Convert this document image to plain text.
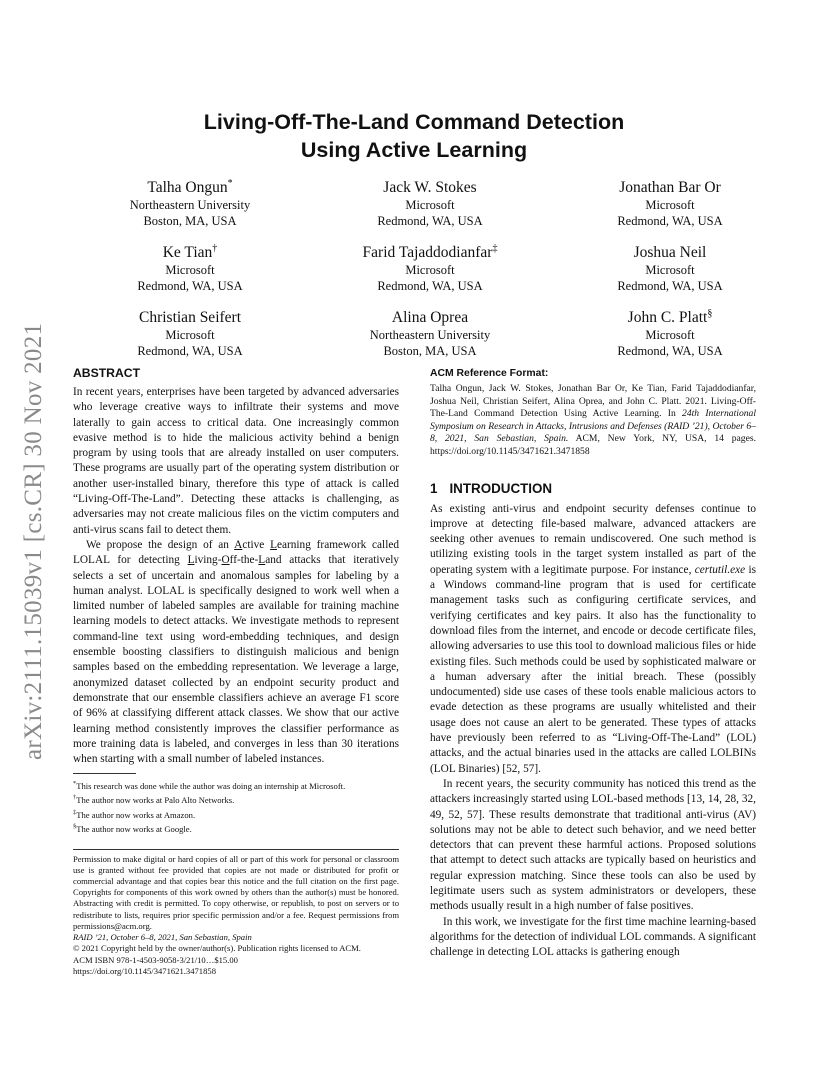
arXiv:2111.15039v1 [cs.CR] 30 Nov 2021
Living-Off-The-Land Command Detection
Using Active Learning
Talha Ongun*
Northeastern University
Boston, MA, USA
Jack W. Stokes
Microsoft
Redmond, WA, USA
Jonathan Bar Or
Microsoft
Redmond, WA, USA
Ke Tian†
Microsoft
Redmond, WA, USA
Farid Tajaddodianfar‡
Microsoft
Redmond, WA, USA
Joshua Neil
Microsoft
Redmond, WA, USA
Christian Seifert
Microsoft
Redmond, WA, USA
Alina Oprea
Northeastern University
Boston, MA, USA
John C. Platt§
Microsoft
Redmond, WA, USA
ABSTRACT

In recent years, enterprises have been targeted by advanced adversaries who leverage creative ways to infiltrate their systems and move laterally to gain access to critical data. One increasingly common evasive method is to hide the malicious activity behind a benign program by using tools that are already installed on user computers. These programs are usually part of the operating system distribution or another user-installed binary, therefore this type of attack is called “Living-Off-The-Land”. Detecting these attacks is challenging, as adversaries may not create malicious files on the victim computers and anti-virus scans fail to detect them.

We propose the design of an Active Learning framework called LOLAL for detecting Living-Off-the-Land attacks that iteratively selects a set of uncertain and anomalous samples for labeling by a human analyst. LOLAL is specifically designed to work well when a limited number of labeled samples are available for training machine learning models to detect attacks. We investigate methods to represent command-line text using word-embedding techniques, and design ensemble boosting classifiers to distinguish malicious and benign samples based on the embedding representation. We leverage a large, anonymized dataset collected by an endpoint security product and demonstrate that our ensemble classifiers achieve an average F1 score of 96% at classifying different attack classes. We show that our active learning method consistently improves the classifier performance as more training data is labeled, and converges in less than 30 iterations when starting with a small number of labeled instances.

*This research was done while the author was doing an internship at Microsoft.
†The author now works at Palo Alto Networks.
‡The author now works at Amazon.
§The author now works at Google.
Permission to make digital or hard copies of all or part of this work for personal or classroom use is granted without fee provided that copies are not made or distributed for profit or commercial advantage and that copies bear this notice and the full citation on the first page. Copyrights for components of this work owned by others than the author(s) must be honored. Abstracting with credit is permitted. To copy otherwise, or republish, to post on servers or to redistribute to lists, requires prior specific permission and/or a fee. Request permissions from permissions@acm.org.
RAID ’21, October 6–8, 2021, San Sebastian, Spain
© 2021 Copyright held by the owner/author(s). Publication rights licensed to ACM.
ACM ISBN 978-1-4503-9058-3/21/10…$15.00
https://doi.org/10.1145/3471621.3471858
ACM Reference Format:
Talha Ongun, Jack W. Stokes, Jonathan Bar Or, Ke Tian, Farid Tajaddodianfar, Joshua Neil, Christian Seifert, Alina Oprea, and John C. Platt. 2021. Living-Off-The-Land Command Detection Using Active Learning. In 24th International Symposium on Research in Attacks, Intrusions and Defenses (RAID ’21), October 6–8, 2021, San Sebastian, Spain. ACM, New York, NY, USA, 14 pages. https://doi.org/10.1145/3471621.3471858
1 INTRODUCTION

As existing anti-virus and endpoint security defenses continue to improve at detecting file-based malware, advanced attackers are seeking other avenues to remain undiscovered. One such method is utilizing existing tools in the target system installed as part of the operating system with a legitimate purpose. For instance, certutil.exe is a Windows command-line program that is used for certificate management tasks such as configuring certificate services, and verifying certificates and key pairs. It also has the functionality to download files from the internet, and encode or decode certificate files, allowing adversaries to use this tool to download malicious files or hide existing files. Such methods could be used by sophisticated malware or a human adversary after the initial breach. These (possibly undocumented) side use cases of these tools enable malicious actors to evade detection as these programs are usually whitelisted and their usage does not cause an alert to be generated. These types of attacks have previously been referred to as “Living-Off-The-Land” (LOL) attacks, and the actual binaries used in the attacks are called LOLBINs (LOL Binaries) [52, 57].

In recent years, the security community has noticed this trend as the attackers increasingly started using LOL-based methods [13, 14, 28, 32, 49, 52, 57]. These results demonstrate that traditional anti-virus (AV) solutions may not be able to detect such behavior, and we need better detectors that can prevent these harmful actions. Proposed solutions that attempt to detect such attacks are typically based on heuristics and regular expression matching. Since these tools can also be used by legitimate users such as system administrators or developers, these methods usually result in a high number of false positives.

In this work, we investigate for the first time machine learning-based algorithms for the detection of individual LOL commands. A significant challenge in detecting LOL attacks is gathering enough
